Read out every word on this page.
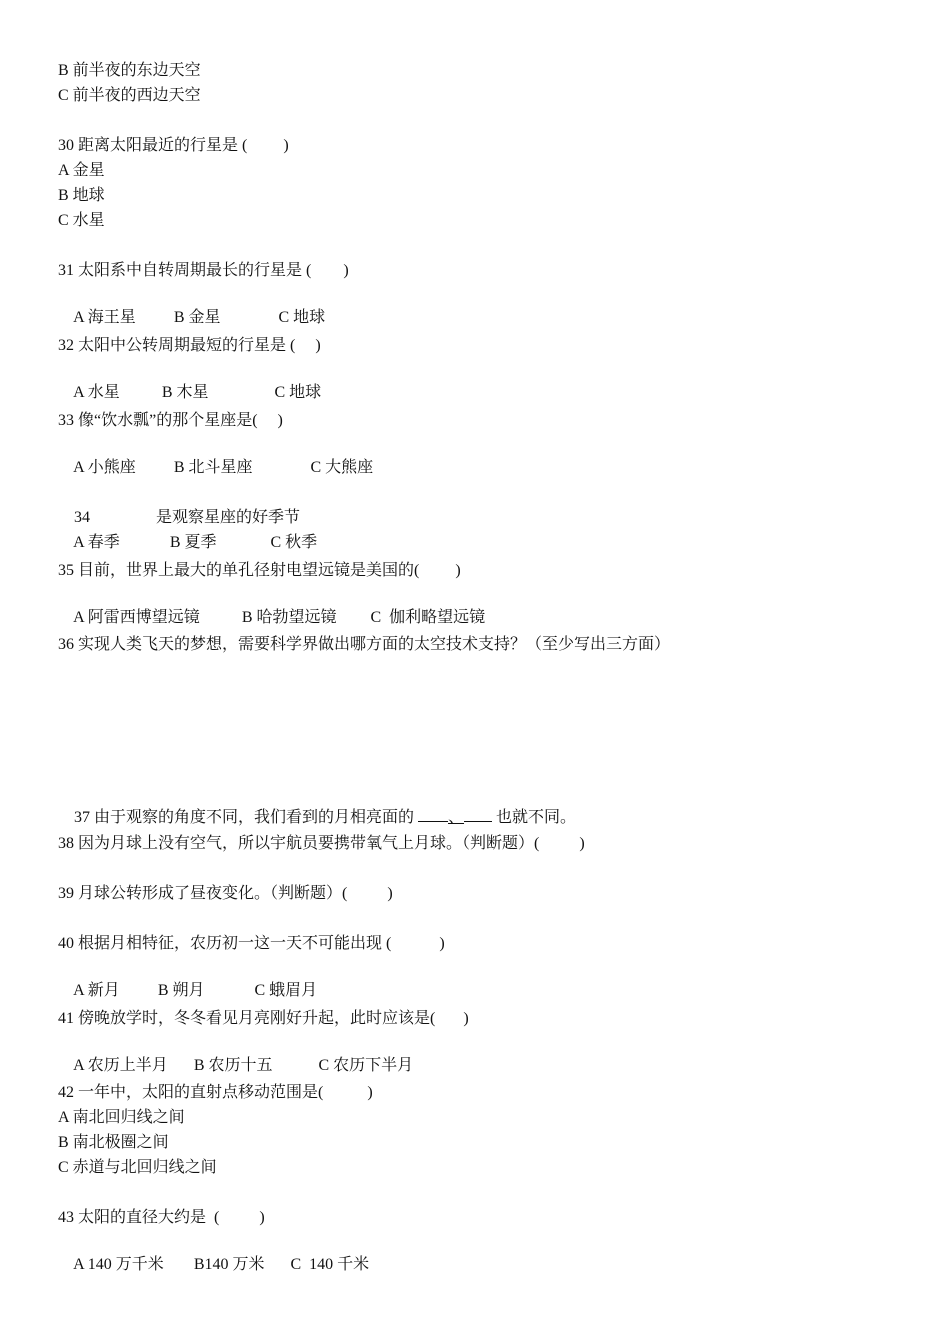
B 前半夜的东边天空
C 前半夜的西边天空
30 距离太阳最近的行星是 (         )
A 金星
B 地球
C 水星
31 太阳系中自转周期最长的行星是 (        )

A 海王星 B 金星	C 地球

32 太阳中公转周期最短的行星是 (     )

A 水星	B 木星	C 地球

33 像“饮水瓢”的那个星座是(     )

A 小熊座 B 北斗星座	C 大熊座

34	是观察星座的好季节

A 春季	B 夏季	C 秋季

35 目前，世界上最大的单孔径射电望远镜是美国的(         )

A 阿雷西博望远镜	B 哈勃望远镜 C  伽利略望远镜

36 实现人类飞天的梦想，需要科学界做出哪方面的太空技术支持？（至少写出三方面）

37 由于观察的角度不同，我们看到的月相亮面的 、 也就不同。

38 因为月球上没有空气，所以宇航员要携带氧气上月球。（判断题）(          )
39 月球公转形成了昼夜变化。（判断题）(          )
40 根据月相特征，农历初一这一天不可能出现 (            )

A 新月 B 朔月	C 蛾眉月

41 傍晚放学时，冬冬看见月亮刚好升起，此时应该是(       )

A 农历上半月 B 农历十五	C 农历下半月

42 一年中，太阳的直射点移动范围是(           )
A 南北回归线之间
B 南北极圈之间
C 赤道与北回归线之间
43 太阳的直径大约是  (          )

A 140 万千米 B140 万米 C  140 千米
